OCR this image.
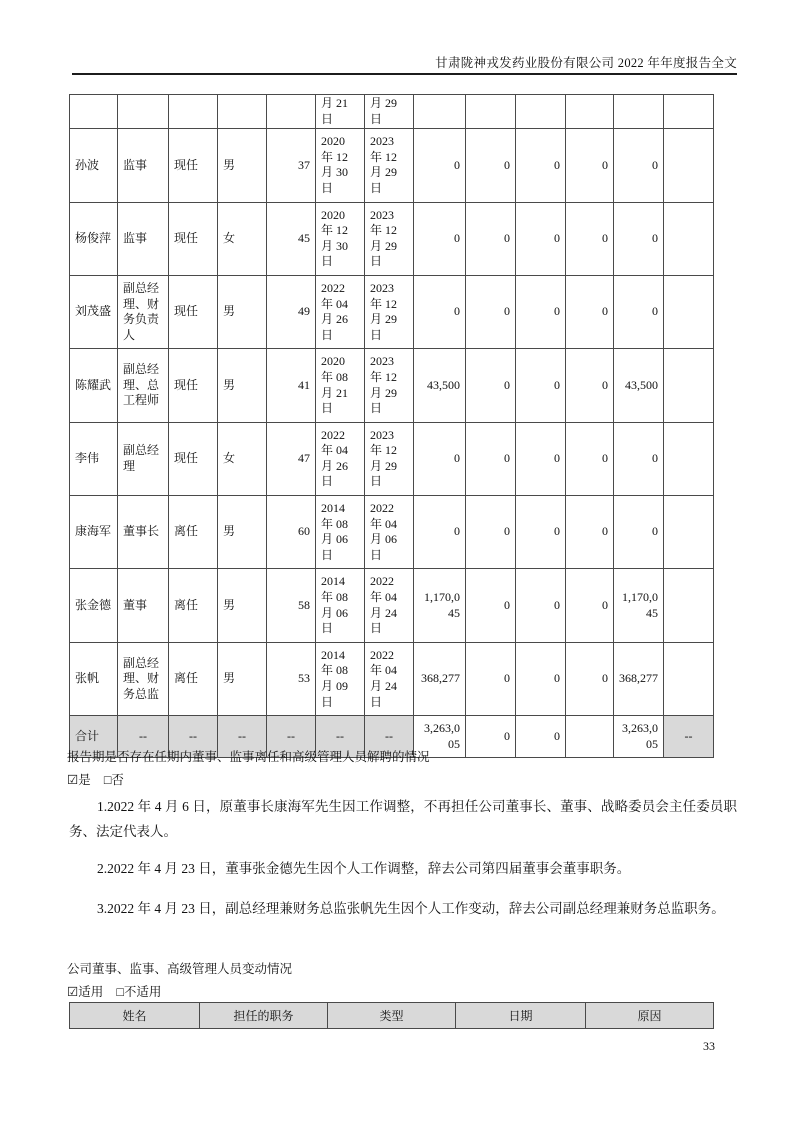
甘肃陇神戎发药业股份有限公司 2022 年年度报告全文
					月 21 日	月 29 日						
孙波	监事	现任	男	37	2020 年 12 月 30 日	2023 年 12 月 29 日	0	0	0	0	0	
杨俊萍	监事	现任	女	45	2020 年 12 月 30 日	2023 年 12 月 29 日	0	0	0	0	0	
刘茂盛	副总经理、财务负责人	现任	男	49	2022 年 04 月 26 日	2023 年 12 月 29 日	0	0	0	0	0	
陈耀武	副总经理、总工程师	现任	男	41	2020 年 08 月 21 日	2023 年 12 月 29 日	43,500	0	0	0	43,500	
李伟	副总经理	现任	女	47	2022 年 04 月 26 日	2023 年 12 月 29 日	0	0	0	0	0	
康海军	董事长	离任	男	60	2014 年 08 月 06 日	2022 年 04 月 06 日	0	0	0	0	0	
张金德	董事	离任	男	58	2014 年 08 月 06 日	2022 年 04 月 24 日	1,170,045	0	0	0	1,170,045	
张帆	副总经理、财务总监	离任	男	53	2014 年 08 月 09 日	2022 年 04 月 24 日	368,277	0	0	0	368,277	
合计	--	--	--	--	--	--	3,263,005	0	0		3,263,005	--
报告期是否存在任期内董事、监事离任和高级管理人员解聘的情况
☑是 □否

1.2022 年 4 月 6 日，原董事长康海军先生因工作调整，不再担任公司董事长、董事、战略委员会主任委员职务、法定代表人。

2.2022 年 4 月 23 日，董事张金德先生因个人工作调整，辞去公司第四届董事会董事职务。

3.2022 年 4 月 23 日，副总经理兼财务总监张帆先生因个人工作变动，辞去公司副总经理兼财务总监职务。

公司董事、监事、高级管理人员变动情况
☑适用 □不适用
姓名	担任的职务	类型	日期	原因
33
